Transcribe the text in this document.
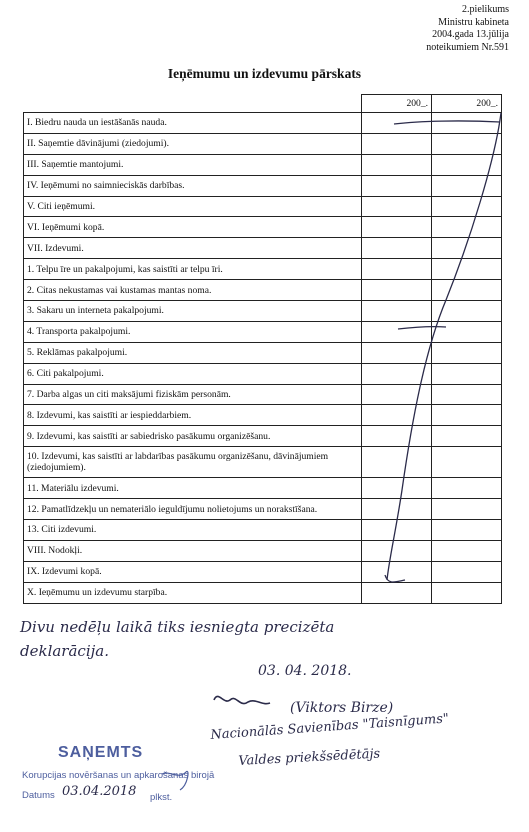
2.pielikums
Ministru kabineta
2004.gada 13.jūlija
noteikumiem Nr.591
Ieņēmumu un izdevumu pārskats
	200_.	200_.
I. Biedru nauda un iestāšanās nauda.		
II. Saņemtie dāvinājumi (ziedojumi).		
III. Saņemtie mantojumi.		
IV. Ieņēmumi no saimnieciskās darbības.		
V. Citi ieņēmumi.		
VI. Ieņēmumi kopā.		
VII. Izdevumi.		
1. Telpu īre un pakalpojumi, kas saistīti ar telpu īri.		
2. Citas nekustamas vai kustamas mantas noma.		
3. Sakaru un interneta pakalpojumi.		
4. Transporta pakalpojumi.		
5. Reklāmas pakalpojumi.		
6. Citi pakalpojumi.		
7. Darba algas un citi maksājumi fiziskām personām.		
8. Izdevumi, kas saistīti ar iespieddarbiem.		
9. Izdevumi, kas saistīti ar sabiedrisko pasākumu organizēšanu.		
10. Izdevumi, kas saistīti ar labdarības pasākumu organizēšanu, dāvinājumiem (ziedojumiem).		
11. Materiālu izdevumi.		
12. Pamatlīdzekļu un nemateriālo ieguldījumu nolietojums un norakstīšana.		
13. Citi izdevumi.		
VIII. Nodokļi.		
IX. Izdevumi kopā.		
X. Ieņēmumu un izdevumu starpība.		
Divu nedēļu laikā tiks iesniegta precizēta
deklarācija.
03. 04. 2018.
(Viktors Birze)
Nacionālās Savienības "Taisnīgums"
Valdes priekšsēdētājs
SAŅEMTS
Korupcijas novēršanas un apkarošanas birojā
Datums 03.04.2018 plkst.
